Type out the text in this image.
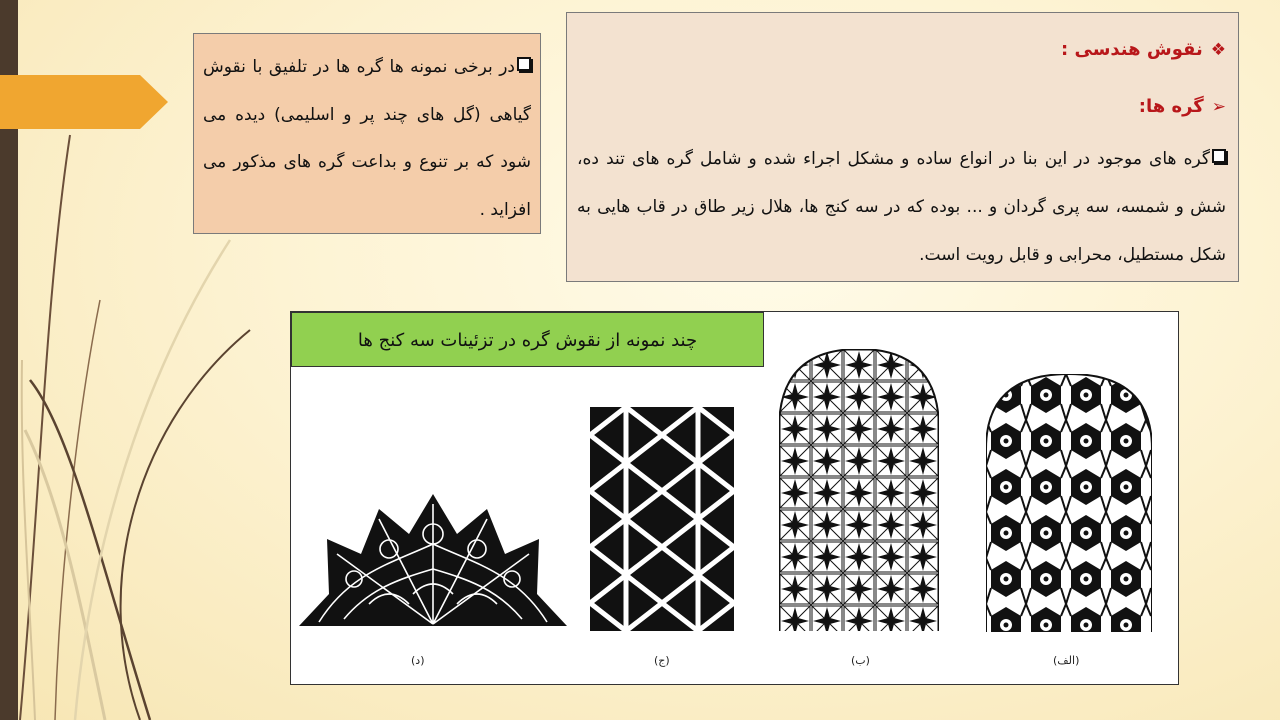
در برخی نمونه ها گره ها در تلفیق با نقوش گیاهی (گل های چند پر و اسلیمی) دیده می شود که بر تنوع و بداعت گره های مذکور می افزاید .
❖نقوش هندسی :
➢گره ها:
گره های موجود در این بنا در انواع ساده و مشکل اجراء شده و شامل گره های تند ده، شش و شمسه، سه پری گردان و ... بوده که در سه کنج ها، هلال زیر طاق در قاب هایی به شکل مستطیل، محرابی و قابل رویت است.
چند نمونه از نقوش گره در تزئینات سه کنج ها
(د)	(ج)	(ب)	(الف)
